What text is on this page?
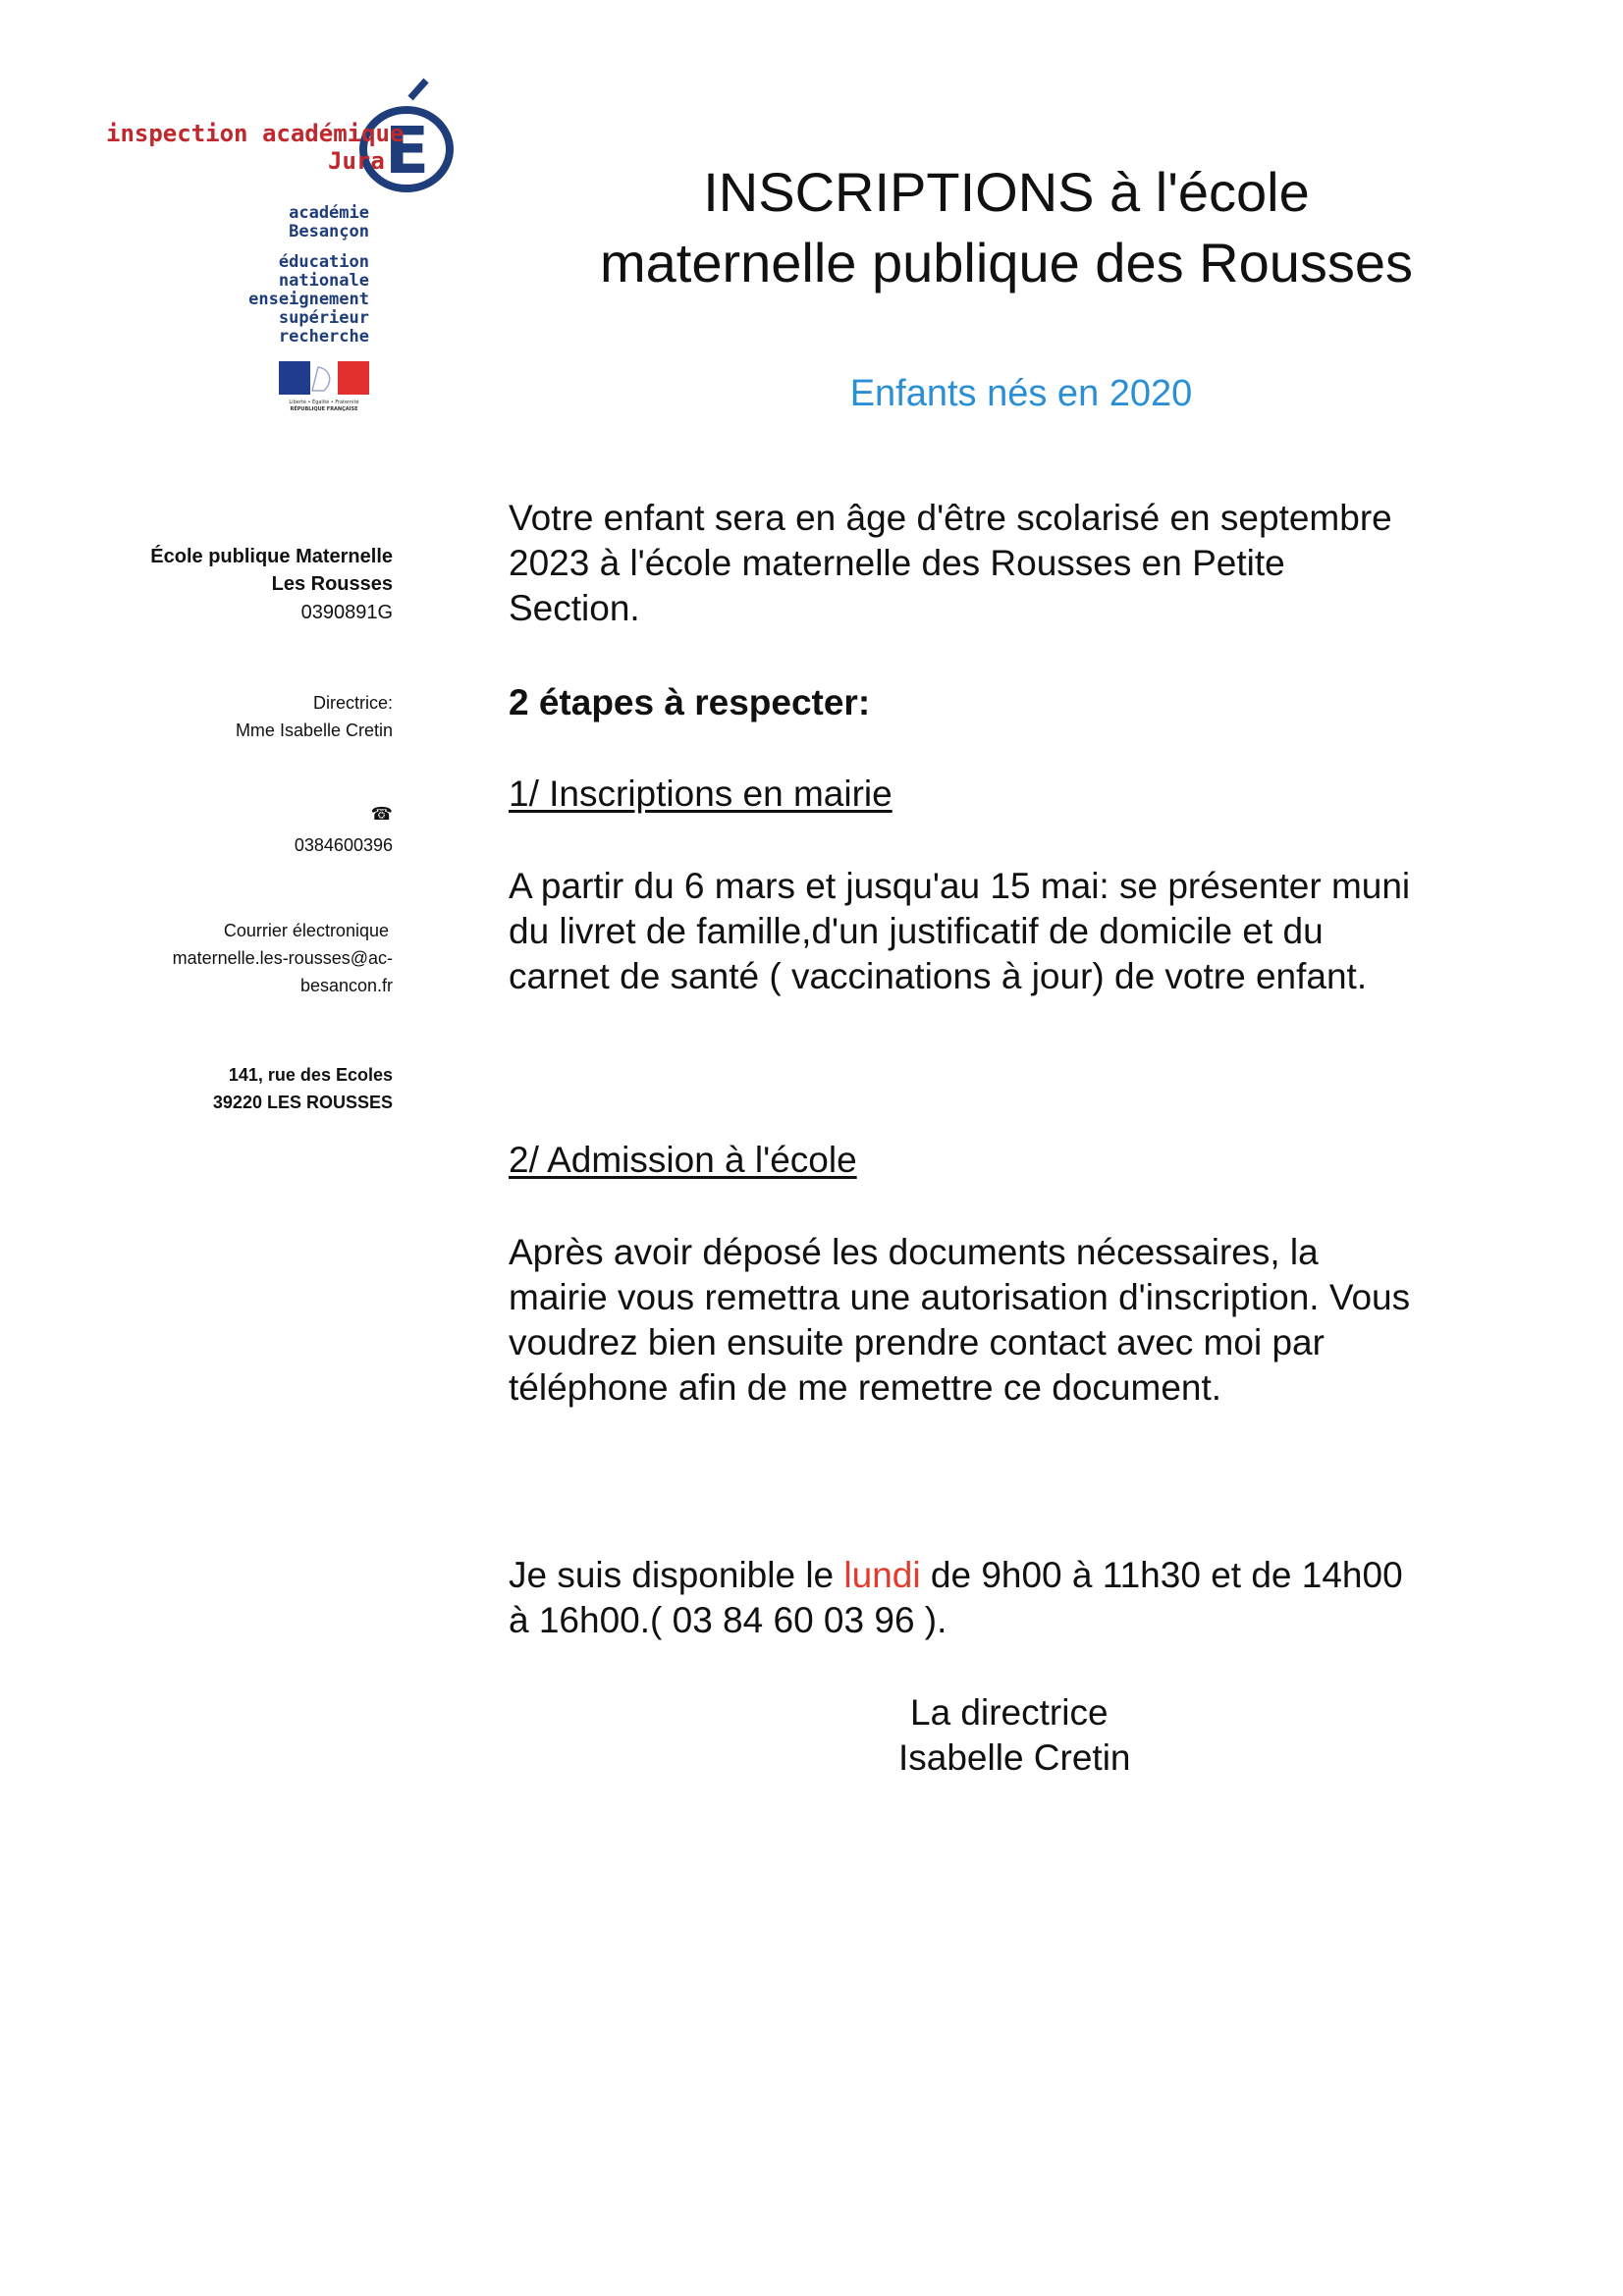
E
inspection académique
Jura
académie
Besançon
éducation
nationale
enseignement
supérieur
recherche
Liberté • Égalité • Fraternité
RÉPUBLIQUE FRANÇAISE
École publique Maternelle
Les Rousses
0390891G
Directrice:
Mme Isabelle Cretin
☎
0384600396
Courrier électronique
maternelle.les-rousses@ac-
besancon.fr
141, rue des Ecoles
39220 LES ROUSSES
INSCRIPTIONS à l'école
maternelle publique des Rousses
Enfants nés en 2020
Votre enfant sera en âge d'être scolarisé en septembre
2023 à l'école maternelle des Rousses en Petite
Section.
2 étapes à respecter:
1/ Inscriptions en mairie
A partir du 6 mars et jusqu'au 15 mai: se présenter muni
du livret de famille,d'un justificatif de domicile et du
carnet de santé ( vaccinations à jour) de votre enfant.
2/ Admission à l'école
Après avoir déposé les documents nécessaires, la
mairie vous remettra une autorisation d'inscription. Vous
voudrez bien ensuite prendre contact avec moi par
téléphone afin de me remettre ce document.
Je suis disponible le lundi de 9h00 à 11h30 et de 14h00
à 16h00.( 03 84 60 03 96 ).
La directrice
Isabelle Cretin
